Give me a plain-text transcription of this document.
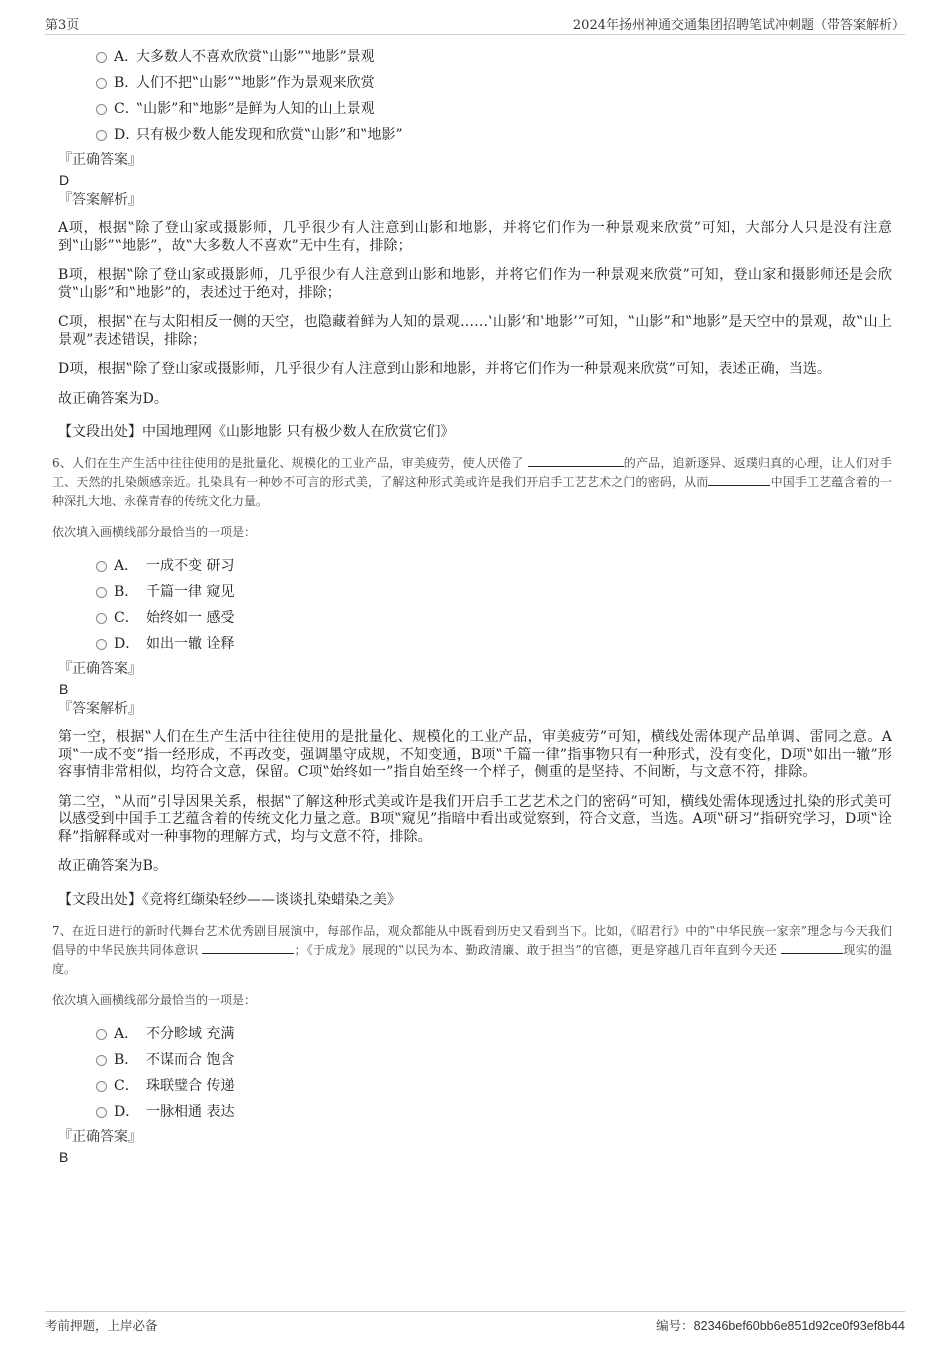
第3页	2024年扬州神通交通集团招聘笔试冲刺题（带答案解析）
A．
大多数人不喜欢欣赏‟山影”‟地影”景观
B．
人们不把‟山影”‟地影”作为景观来欣赏
C．
‟山影”和‟地影”是鲜为人知的山上景观
D．
只有极少数人能发现和欣赏‟山影”和‟地影”
『正确答案』
D
『答案解析』

A项，根据‟除了登山家或摄影师，几乎很少有人注意到山影和地影，并将它们作为一种景观来欣赏”可知，大部分人只是没有注意到‟山影”‟地影”，故‟大多数人不喜欢”无中生有，排除；

B项，根据‟除了登山家或摄影师，几乎很少有人注意到山影和地影，并将它们作为一种景观来欣赏”可知，登山家和摄影师还是会欣赏‟山影”和‟地影”的，表述过于绝对，排除；

C项，根据‟在与太阳相反一侧的天空，也隐藏着鲜为人知的景观……‛山影’和‛地影’”可知，‟山影”和‟地影”是天空中的景观，故‟山上景观”表述错误，排除；

D项，根据‟除了登山家或摄影师，几乎很少有人注意到山影和地影，并将它们作为一种景观来欣赏”可知，表述正确，当选。

故正确答案为D。

【文段出处】中国地理网《山影地影 只有极少数人在欣赏它们》

6、人们在生产生活中往往使用的是批量化、规模化的工业产品，审美疲劳，使人厌倦了	的产品，追新逐异、返璞归真的心理，让人们对手工、天然的扎染颇感亲近。扎染具有一种妙不可言的形式美，了解这种形式美或许是我们开启手工艺艺术之门的密码，从而	中国手工艺蕴含着的一种深扎大地、永葆青春的传统文化力量。

依次填入画横线部分最恰当的一项是：

A． 一成不变 研习
B． 千篇一律 窥见
C． 始终如一 感受
D． 如出一辙 诠释
『正确答案』
B
『答案解析』

第一空，根据‟人们在生产生活中往往使用的是批量化、规模化的工业产品，审美疲劳”可知，横线处需体现产品单调、雷同之意。A项‟一成不变”指一经形成，不再改变，强调墨守成规，不知变通，B项‟千篇一律”指事物只有一种形式，没有变化，D项‟如出一辙”形容事情非常相似，均符合文意，保留。C项‟始终如一”指自始至终一个样子，侧重的是坚持、不间断，与文意不符，排除。

第二空，‟从而”引导因果关系，根据‟了解这种形式美或许是我们开启手工艺艺术之门的密码”可知，横线处需体现透过扎染的形式美可以感受到中国手工艺蕴含着的传统文化力量之意。B项‟窥见”指暗中看出或觉察到，符合文意，当选。A项‟研习”指研究学习，D项‟诠释”指解释或对一种事物的理解方式，均与文意不符，排除。

故正确答案为B。

【文段出处】《竞将红缬染轻纱——谈谈扎染蜡染之美》

7、在近日进行的新时代舞台艺术优秀剧目展演中，每部作品，观众都能从中既看到历史又看到当下。比如，《昭君行》中的‟中华民族一家亲”理念与今天我们倡导的中华民族共同体意识	；《于成龙》展现的‟以民为本、勤政清廉、敢于担当”的官德，更是穿越几百年直到今天还	现实的温度。

依次填入画横线部分最恰当的一项是：

A． 不分畛域 充满
B． 不谋而合 饱含
C． 珠联璧合 传递
D． 一脉相通 表达
『正确答案』
B
考前押题，上岸必备	编号：82346bef60bb6e851d92ce0f93ef8b44
